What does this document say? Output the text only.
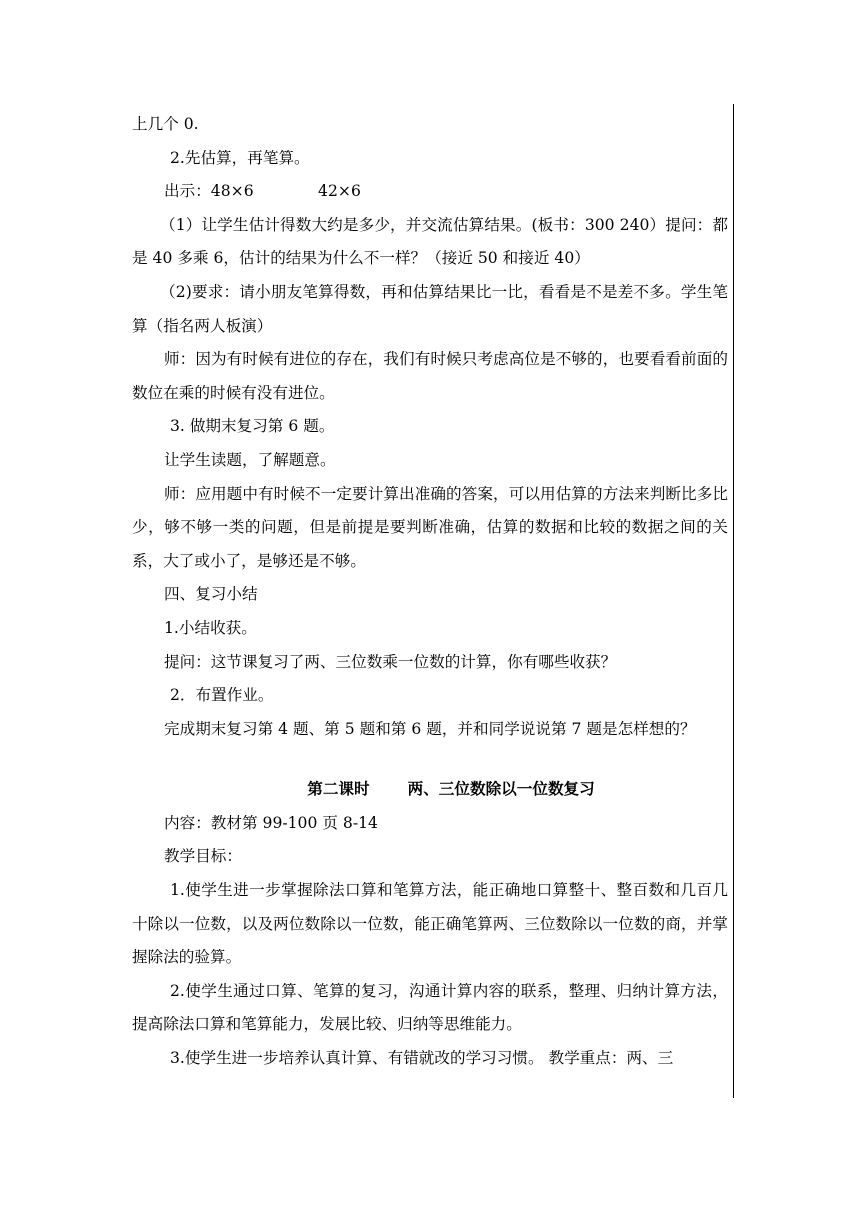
上几个 0.

2.先估算，再笔算。

出示：48×6             42×6

（1）让学生估计得数大约是多少，并交流估算结果。(板书：300 240）提问：都是 40 多乘 6，估计的结果为什么不一样？（接近 50 和接近 40）

（2)要求：请小朋友笔算得数，再和估算结果比一比，看看是不是差不多。学生笔算（指名两人板演）

师：因为有时候有进位的存在，我们有时候只考虑高位是不够的，也要看看前面的数位在乘的时候有没有进位。

3. 做期末复习第 6 题。

让学生读题，了解题意。

师：应用题中有时候不一定要计算出准确的答案，可以用估算的方法来判断比多比少，够不够一类的问题，但是前提是要判断准确，估算的数据和比较的数据之间的关系，大了或小了，是够还是不够。

四、复习小结

1.小结收获。

提问：这节课复习了两、三位数乘一位数的计算，你有哪些收获？

2．布置作业。

完成期末复习第 4 题、第 5 题和第 6 题，并和同学说说第 7 题是怎样想的？

第二课时       两、三位数除以一位数复习

内容：教材第 99-100 页 8-14

教学目标：

1.使学生进一步掌握除法口算和笔算方法，能正确地口算整十、整百数和几百几十除以一位数，以及两位数除以一位数，能正确笔算两、三位数除以一位数的商，并掌握除法的验算。

2.使学生通过口算、笔算的复习，沟通计算内容的联系，整理、归纳计算方法，提高除法口算和笔算能力，发展比较、归纳等思维能力。

3.使学生进一步培养认真计算、有错就改的学习习惯。 教学重点：两、三
